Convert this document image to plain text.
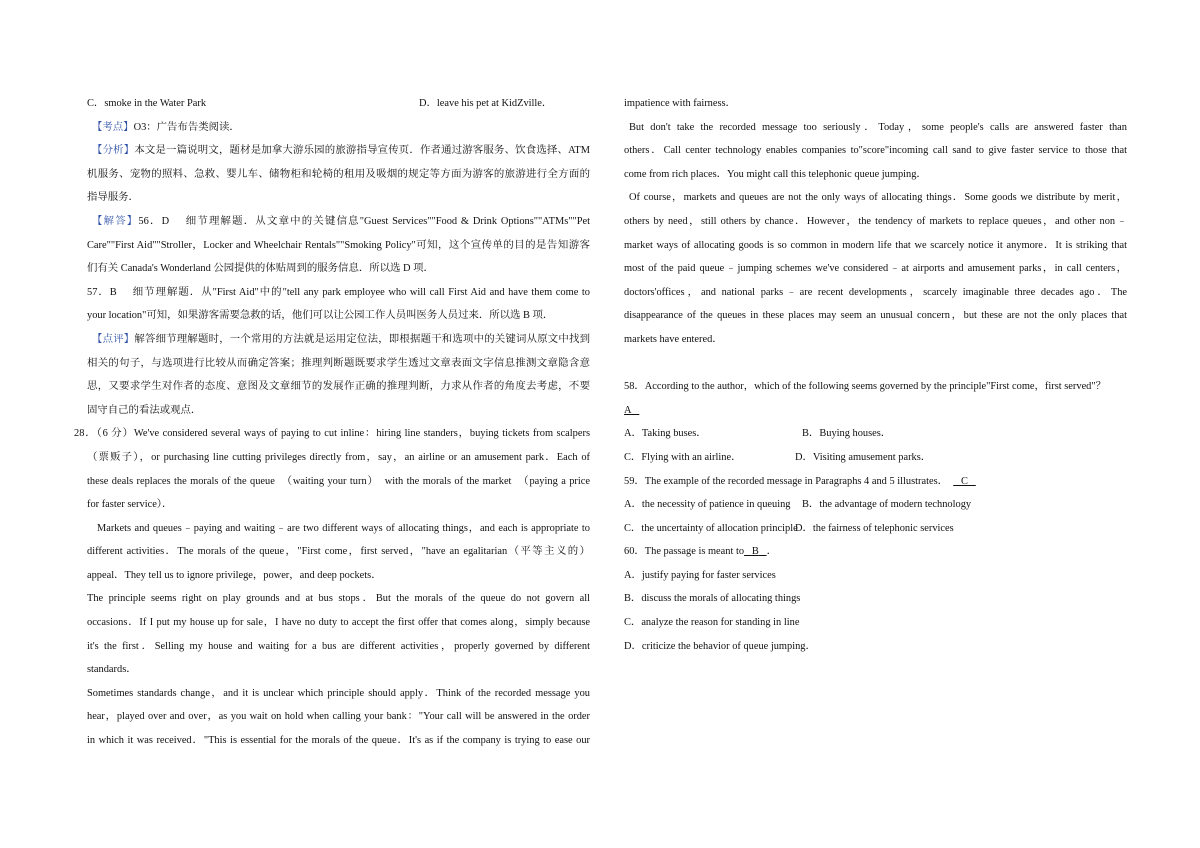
C．smoke in the Water Park	D．leave his pet at KidZville．
【考点】O3：广告布告类阅读．
【分析】本文是一篇说明文，题材是加拿大游乐园的旅游指导宣传页．作者通过游客服务、饮食选择、ATM
机服务、宠物的照料、急救、婴儿车、储物柜和轮椅的租用及吸烟的规定等方面为游客的旅游进行全方面的
指导服务．
【解答】56．D　 细节理解题．从文章中的关键信息"Guest Services""Food & Drink Options""ATMs""Pet
Care""First Aid""Stroller，Locker and Wheelchair Rentals""Smoking Policy"可知，这个宣传单的目的是告知游客
们有关 Canada's Wonderland 公园提供的体贴周到的服务信息．所以选 D 项．
57．B　 细节理解题．从"First Aid"中的"tell any park employee who will call First Aid and have them come to
your location"可知，如果游客需要急救的话，他们可以让公园工作人员叫医务人员过来．所以选 B 项．
【点评】解答细节理解题时，一个常用的方法就是运用定位法，即根据题干和选项中的关键词从原文中找到
相关的句子，与选项进行比较从而确定答案；推理判断题既要求学生透过文章表面文字信息推测文章隐含意
思，又要求学生对作者的态度、意图及文章细节的发展作正确的推理判断，力求从作者的角度去考虑，不要
固守自己的看法或观点．
28．（6 分）We've considered several ways of paying to cut inline：hiring line standers，buying tickets from scalpers
（票贩子），or purchasing line cutting privileges directly from，say，an airline or an amusement park．Each of
these deals replaces the morals of the queue　（waiting your turn）　with the morals of the market　（paying a price
for faster service）．
Markets and queues﹣paying and waiting﹣are two different ways of allocating things，and each is appropriate to
different activities．The morals of the queue，"First come，first served，"have an egalitarian（平等主义的）
appeal．They tell us to ignore privilege，power，and deep pockets．
The principle seems right on play grounds and at bus stops．But the morals of the queue do not govern all
occasions．If I put my house up for sale，I have no duty to accept the first offer that comes along，simply because
it's the first．Selling my house and waiting for a bus are different activities，properly governed by different
standards．
Sometimes standards change，and it is unclear which principle should apply．Think of the recorded message you
hear，played over and over，as you wait on hold when calling your bank："Your call will be answered in the order
in which it was received．"This is essential for the morals of the queue．It's as if the company is trying to ease our
impatience with fairness．
But don't take the recorded message too seriously．Today，some people's calls are answered faster than
others．Call center technology enables companies to"score"incoming call sand to give faster service to those that
come from rich places．You might call this telephonic queue jumping．
Of course，markets and queues are not the only ways of allocating things．Some goods we distribute by merit，
others by need，still others by chance．However，the tendency of markets to replace queues，and other non﹣
market ways of allocating goods is so common in modern life that we scarcely notice it anymore．It is striking that
most of the paid queue﹣jumping schemes we've considered﹣at airports and amusement parks，in call centers，
doctors'offices，and national parks﹣are recent developments，scarcely imaginable three decades ago．The
disappearance of the queues in these places may seem an unusual concern，but these are not the only places that
markets have entered．
58．According to the author，which of the following seems governed by the principle"First come，first served"？
A
A．Taking buses．	B．Buying houses．
C．Flying with an airline．	D．Visiting amusement parks．
59．The example of the recorded message in Paragraphs 4 and 5 illustrates． C
A．the necessity of patience in queuing B．the advantage of modern technology
C．the uncertainty of allocation principleD．the fairness of telephonic services
60．The passage is meant to B ．
A．justify paying for faster services
B．discuss the morals of allocating things
C．analyze the reason for standing in line
D．criticize the behavior of queue jumping．
